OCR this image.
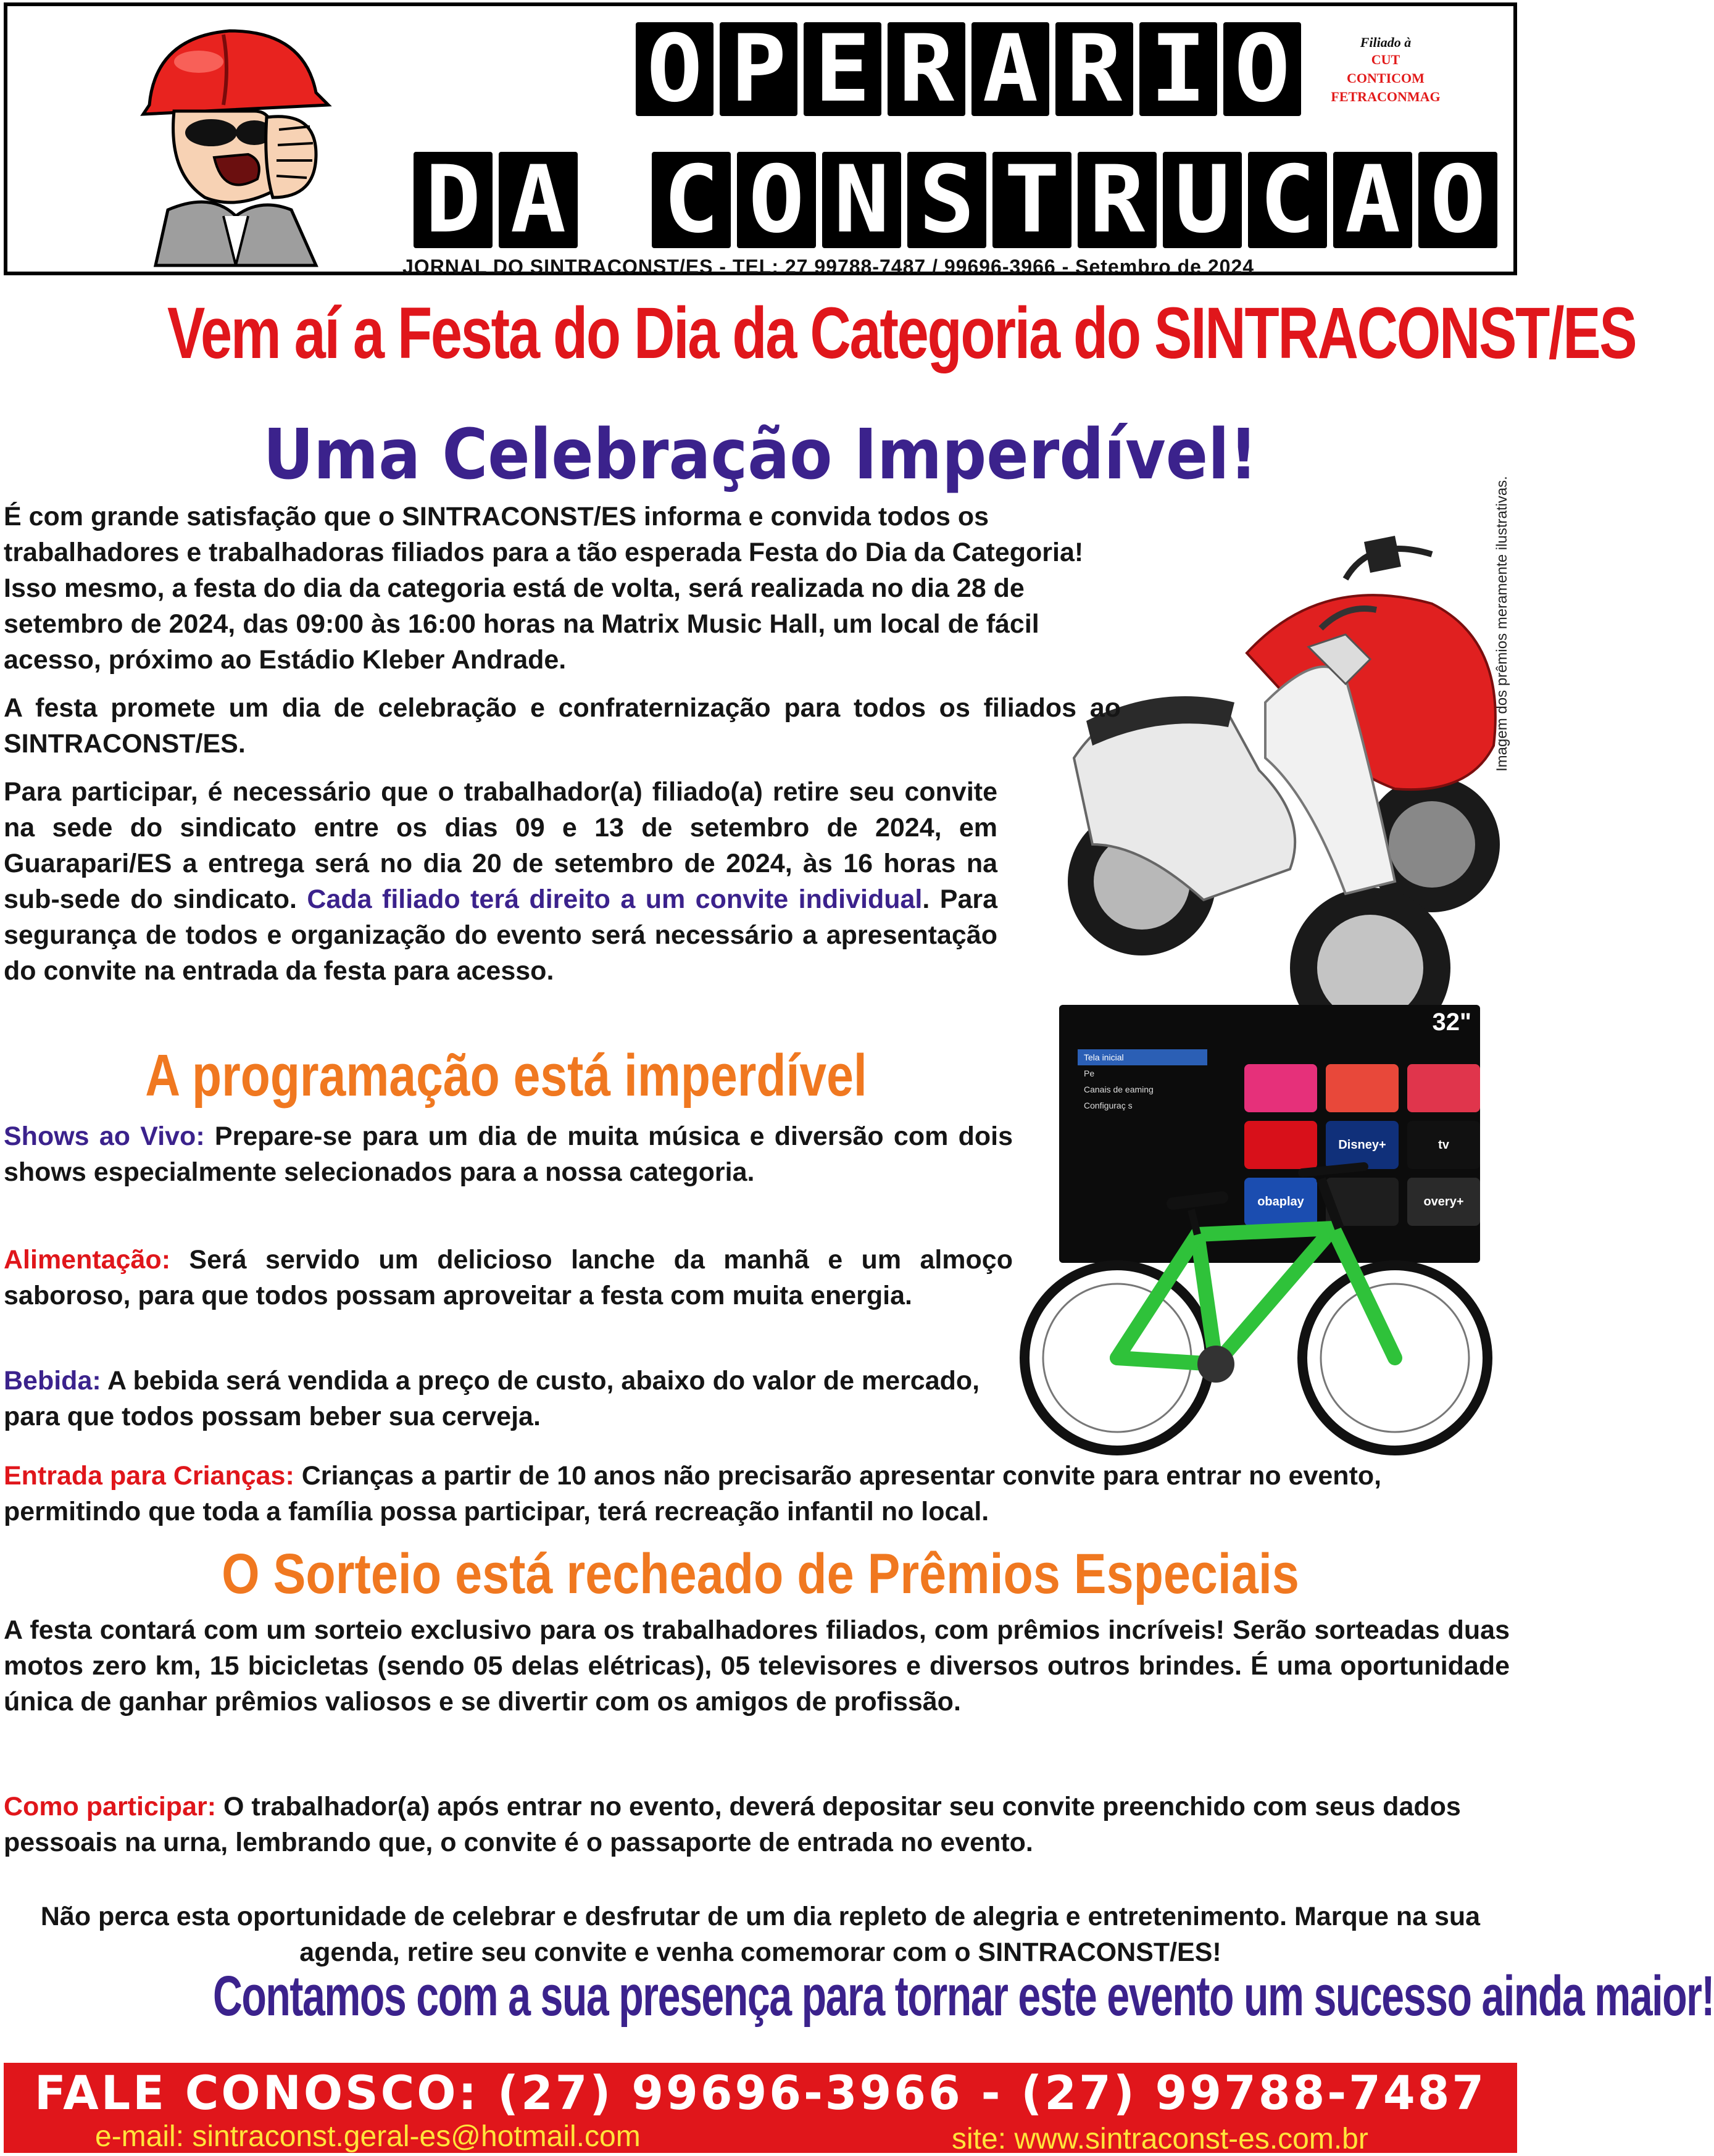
O P E R A R I O
D A C O N S T R U C A O
Filiado à
CUT
CONTICOM
FETRACONMAG
JORNAL DO SINTRACONST/ES - TEL: 27 99788-7487 / 99696-3966 - Setembro de 2024
Vem aí a Festa do Dia da Categoria do SINTRACONST/ES
Uma Celebração Imperdível!
Imagem dos prêmios meramente ilustrativas.
32"
Tela inicial
Pe
Canais de eaming
Configuraç s
Disney+	tv
obaplay	overy+
É com grande satisfação que o SINTRACONST/ES informa e convida todos os trabalhadores e trabalhadoras filiados para a tão esperada Festa do Dia da Categoria! Isso mesmo, a festa do dia da categoria está de volta, será realizada no dia 28 de setembro de 2024, das 09:00 às 16:00 horas na Matrix Music Hall, um local de fácil acesso, próximo ao Estádio Kleber Andrade.
A festa promete um dia de celebração e confraternização para todos os filiados ao SINTRACONST/ES.
Para participar, é necessário que o trabalhador(a) filiado(a) retire seu convite na sede do sindicato entre os dias 09 e 13 de setembro de 2024, em Guarapari/ES a entrega será no dia 20 de setembro de 2024, às 16 horas na sub-sede do sindicato. Cada filiado terá direito a um convite individual. Para segurança de todos e organização do evento será necessário a apresentação do convite na entrada da festa para acesso.
A programação está imperdível
Shows ao Vivo: Prepare-se para um dia de muita música e diversão com dois shows especialmente selecionados para a nossa categoria.
Alimentação: Será servido um delicioso lanche da manhã e um almoço saboroso, para que todos possam aproveitar a festa com muita energia.
Bebida: A bebida será vendida a preço de custo, abaixo do valor de mercado, para que todos possam beber sua cerveja.
Entrada para Crianças: Crianças a partir de 10 anos não precisarão apresentar convite para entrar no evento, permitindo que toda a família possa participar, terá recreação infantil no local.
O Sorteio está recheado de Prêmios Especiais
A festa contará com um sorteio exclusivo para os trabalhadores filiados, com prêmios incríveis! Serão sorteadas duas motos zero km, 15 bicicletas (sendo 05 delas elétricas), 05 televisores e diversos outros brindes. É uma oportunidade única de ganhar prêmios valiosos e se divertir com os amigos de profissão.
Como participar: O trabalhador(a) após entrar no evento, deverá depositar seu convite preenchido com seus dados pessoais na urna, lembrando que, o convite é o passaporte de entrada no evento.
Não perca esta oportunidade de celebrar e desfrutar de um dia repleto de alegria e entretenimento. Marque na sua agenda, retire seu convite e venha comemorar com o SINTRACONST/ES!
Contamos com a sua presença para tornar este evento um sucesso ainda maior!
FALE CONOSCO: (27) 99696-3966 - (27) 99788-7487
e-mail: sintraconst.geral-es@hotmail.com	site: www.sintraconst-es.com.br
